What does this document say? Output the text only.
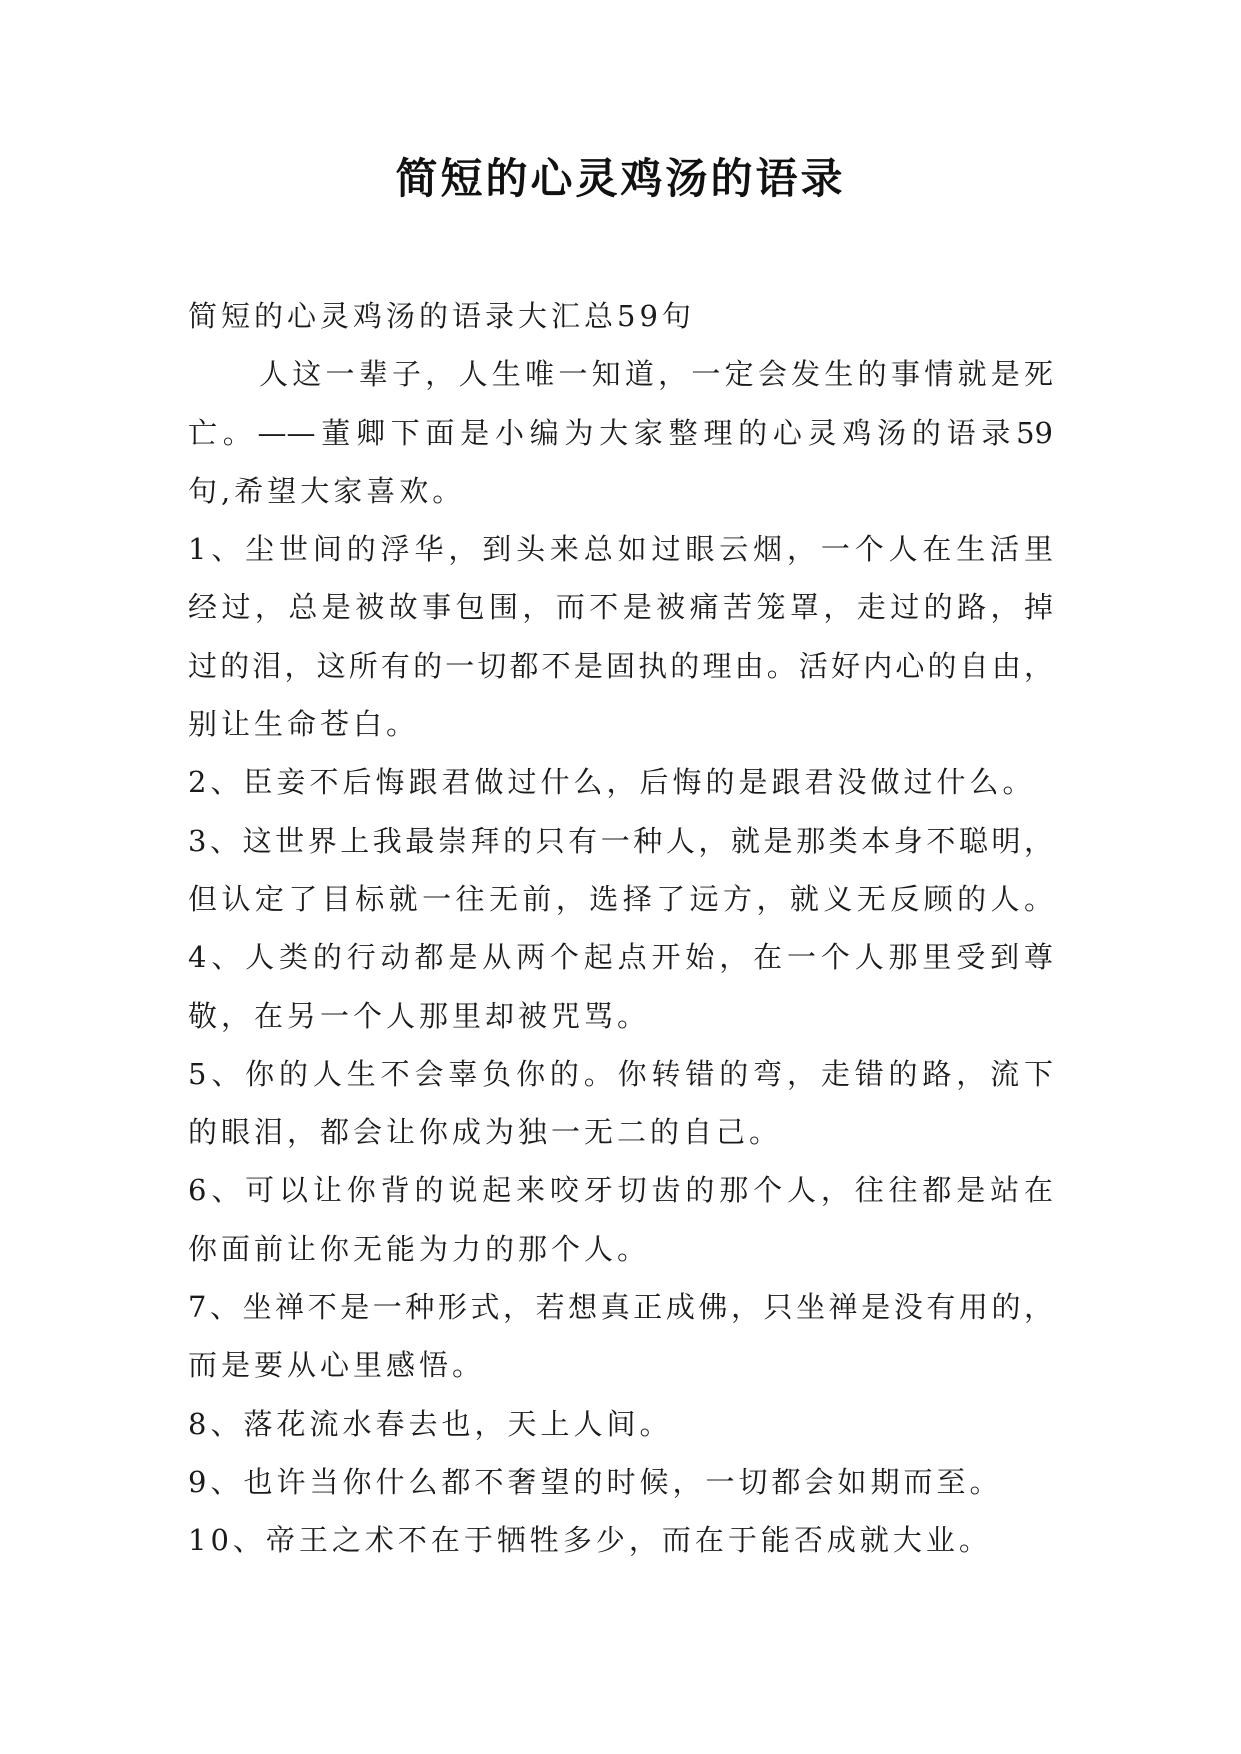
简短的心灵鸡汤的语录
简短的心灵鸡汤的语录大汇总59句
人这一辈子，人生唯一知道，一定会发生的事情就是死
亡。——董卿下面是小编为大家整理的心灵鸡汤的语录59
句,希望大家喜欢。
1、尘世间的浮华，到头来总如过眼云烟，一个人在生活里
经过，总是被故事包围，而不是被痛苦笼罩，走过的路，掉
过的泪，这所有的一切都不是固执的理由。活好内心的自由，
别让生命苍白。
2、臣妾不后悔跟君做过什么，后悔的是跟君没做过什么。
3、这世界上我最崇拜的只有一种人，就是那类本身不聪明，
但认定了目标就一往无前，选择了远方，就义无反顾的人。
4、人类的行动都是从两个起点开始，在一个人那里受到尊
敬，在另一个人那里却被咒骂。
5、你的人生不会辜负你的。你转错的弯，走错的路，流下
的眼泪，都会让你成为独一无二的自己。
6、可以让你背的说起来咬牙切齿的那个人，往往都是站在
你面前让你无能为力的那个人。
7、坐禅不是一种形式，若想真正成佛，只坐禅是没有用的，
而是要从心里感悟。
8、落花流水春去也，天上人间。
9、也许当你什么都不奢望的时候，一切都会如期而至。
10、帝王之术不在于牺牲多少，而在于能否成就大业。
